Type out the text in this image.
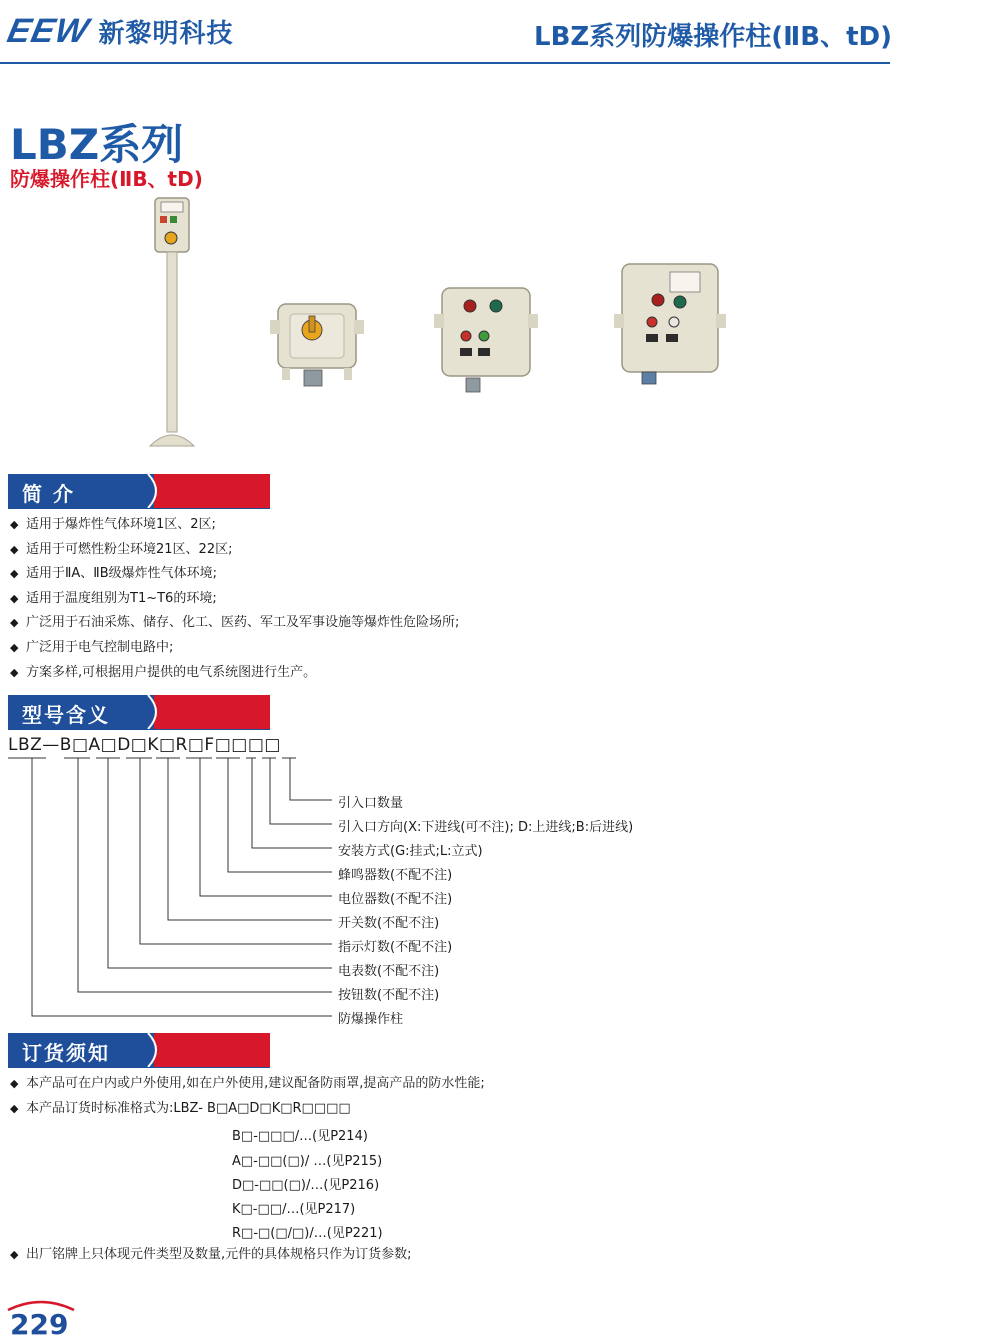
EEW 新黎明科技	LBZ系列防爆操作柱(ⅡB、tD)
LBZ系列
防爆操作柱(ⅡB、tD)
简 介
◆ 适用于爆炸性气体环境1区、2区;
◆ 适用于可燃性粉尘环境21区、22区;
◆ 适用于ⅡA、ⅡB级爆炸性气体环境;
◆ 适用于温度组别为T1~T6的环境;
◆ 广泛用于石油采炼、储存、化工、医药、军工及军事设施等爆炸性危险场所;
◆ 广泛用于电气控制电路中;
◆ 方案多样,可根据用户提供的电气系统图进行生产。
型号含义
LBZ—B□A□D□K□R□F□□□□
引入口数量
引入口方向(X:下进线(可不注); D:上进线;B:后进线)
安装方式(G:挂式;L:立式)
蜂鸣器数(不配不注)
电位器数(不配不注)
开关数(不配不注)
指示灯数(不配不注)
电表数(不配不注)
按钮数(不配不注)
防爆操作柱
订货须知
◆ 本产品可在户内或户外使用,如在户外使用,建议配备防雨罩,提高产品的防水性能;
◆ 本产品订货时标准格式为:LBZ- B□A□D□K□R□□□□
B□-□□□/…(见P214)
A□-□□(□)/ …(见P215)
D□-□□(□)/…(见P216)
K□-□□/…(见P217)
R□-□(□/□)/…(见P221)
◆ 出厂铭牌上只体现元件类型及数量,元件的具体规格只作为订货参数;
229
